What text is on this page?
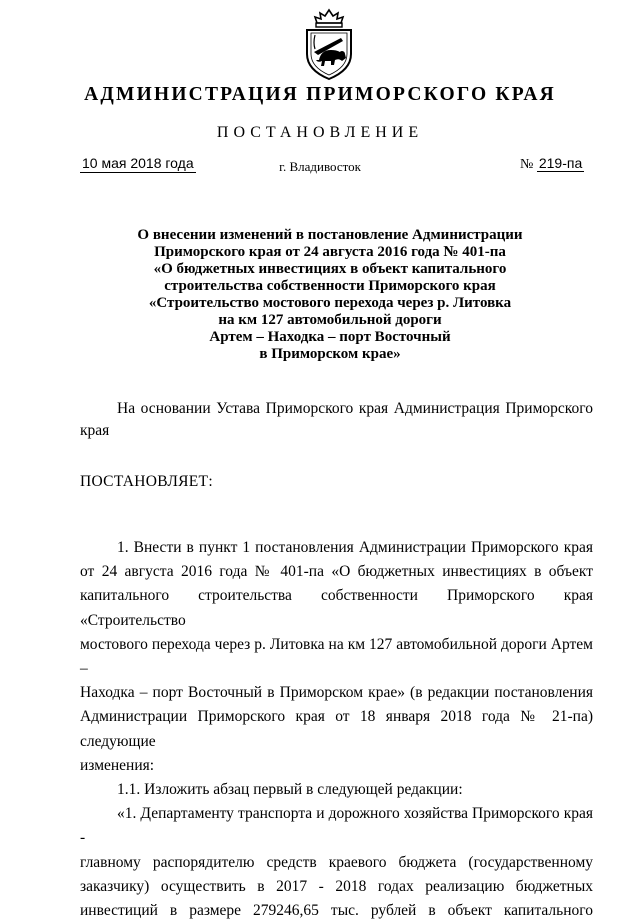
АДМИНИСТРАЦИЯ ПРИМОРСКОГО КРАЯ
ПОСТАНОВЛЕНИЕ
10 мая 2018 года	г. Владивосток	№ 219-па
О внесении изменений в постановление Администрации
Приморского края от 24 августа 2016 года № 401-па
«О бюджетных инвестициях в объект капитального
строительства собственности Приморского края
«Строительство мостового перехода через р. Литовка
на км 127 автомобильной дороги
Артем – Находка – порт Восточный
в Приморском крае»
На основании Устава Приморского края Администрация Приморского
края
ПОСТАНОВЛЯЕТ:
1. Внести в пункт 1 постановления Администрации Приморского края
от 24 августа 2016 года № 401-па «О бюджетных инвестициях в объект
капитального строительства собственности Приморского края «Строительство
мостового перехода через р. Литовка на км 127 автомобильной дороги Артем –
Находка – порт Восточный в Приморском крае» (в редакции постановления
Администрации Приморского края от 18 января 2018 года № 21-па) следующие
изменения:
1.1. Изложить абзац первый в следующей редакции:
«1. Департаменту транспорта и дорожного хозяйства Приморского края -
главному распорядителю средств краевого бюджета (государственному
заказчику) осуществить в 2017 - 2018 годах реализацию бюджетных
инвестиций в размере 279246,65 тыс. рублей в объект капитального
